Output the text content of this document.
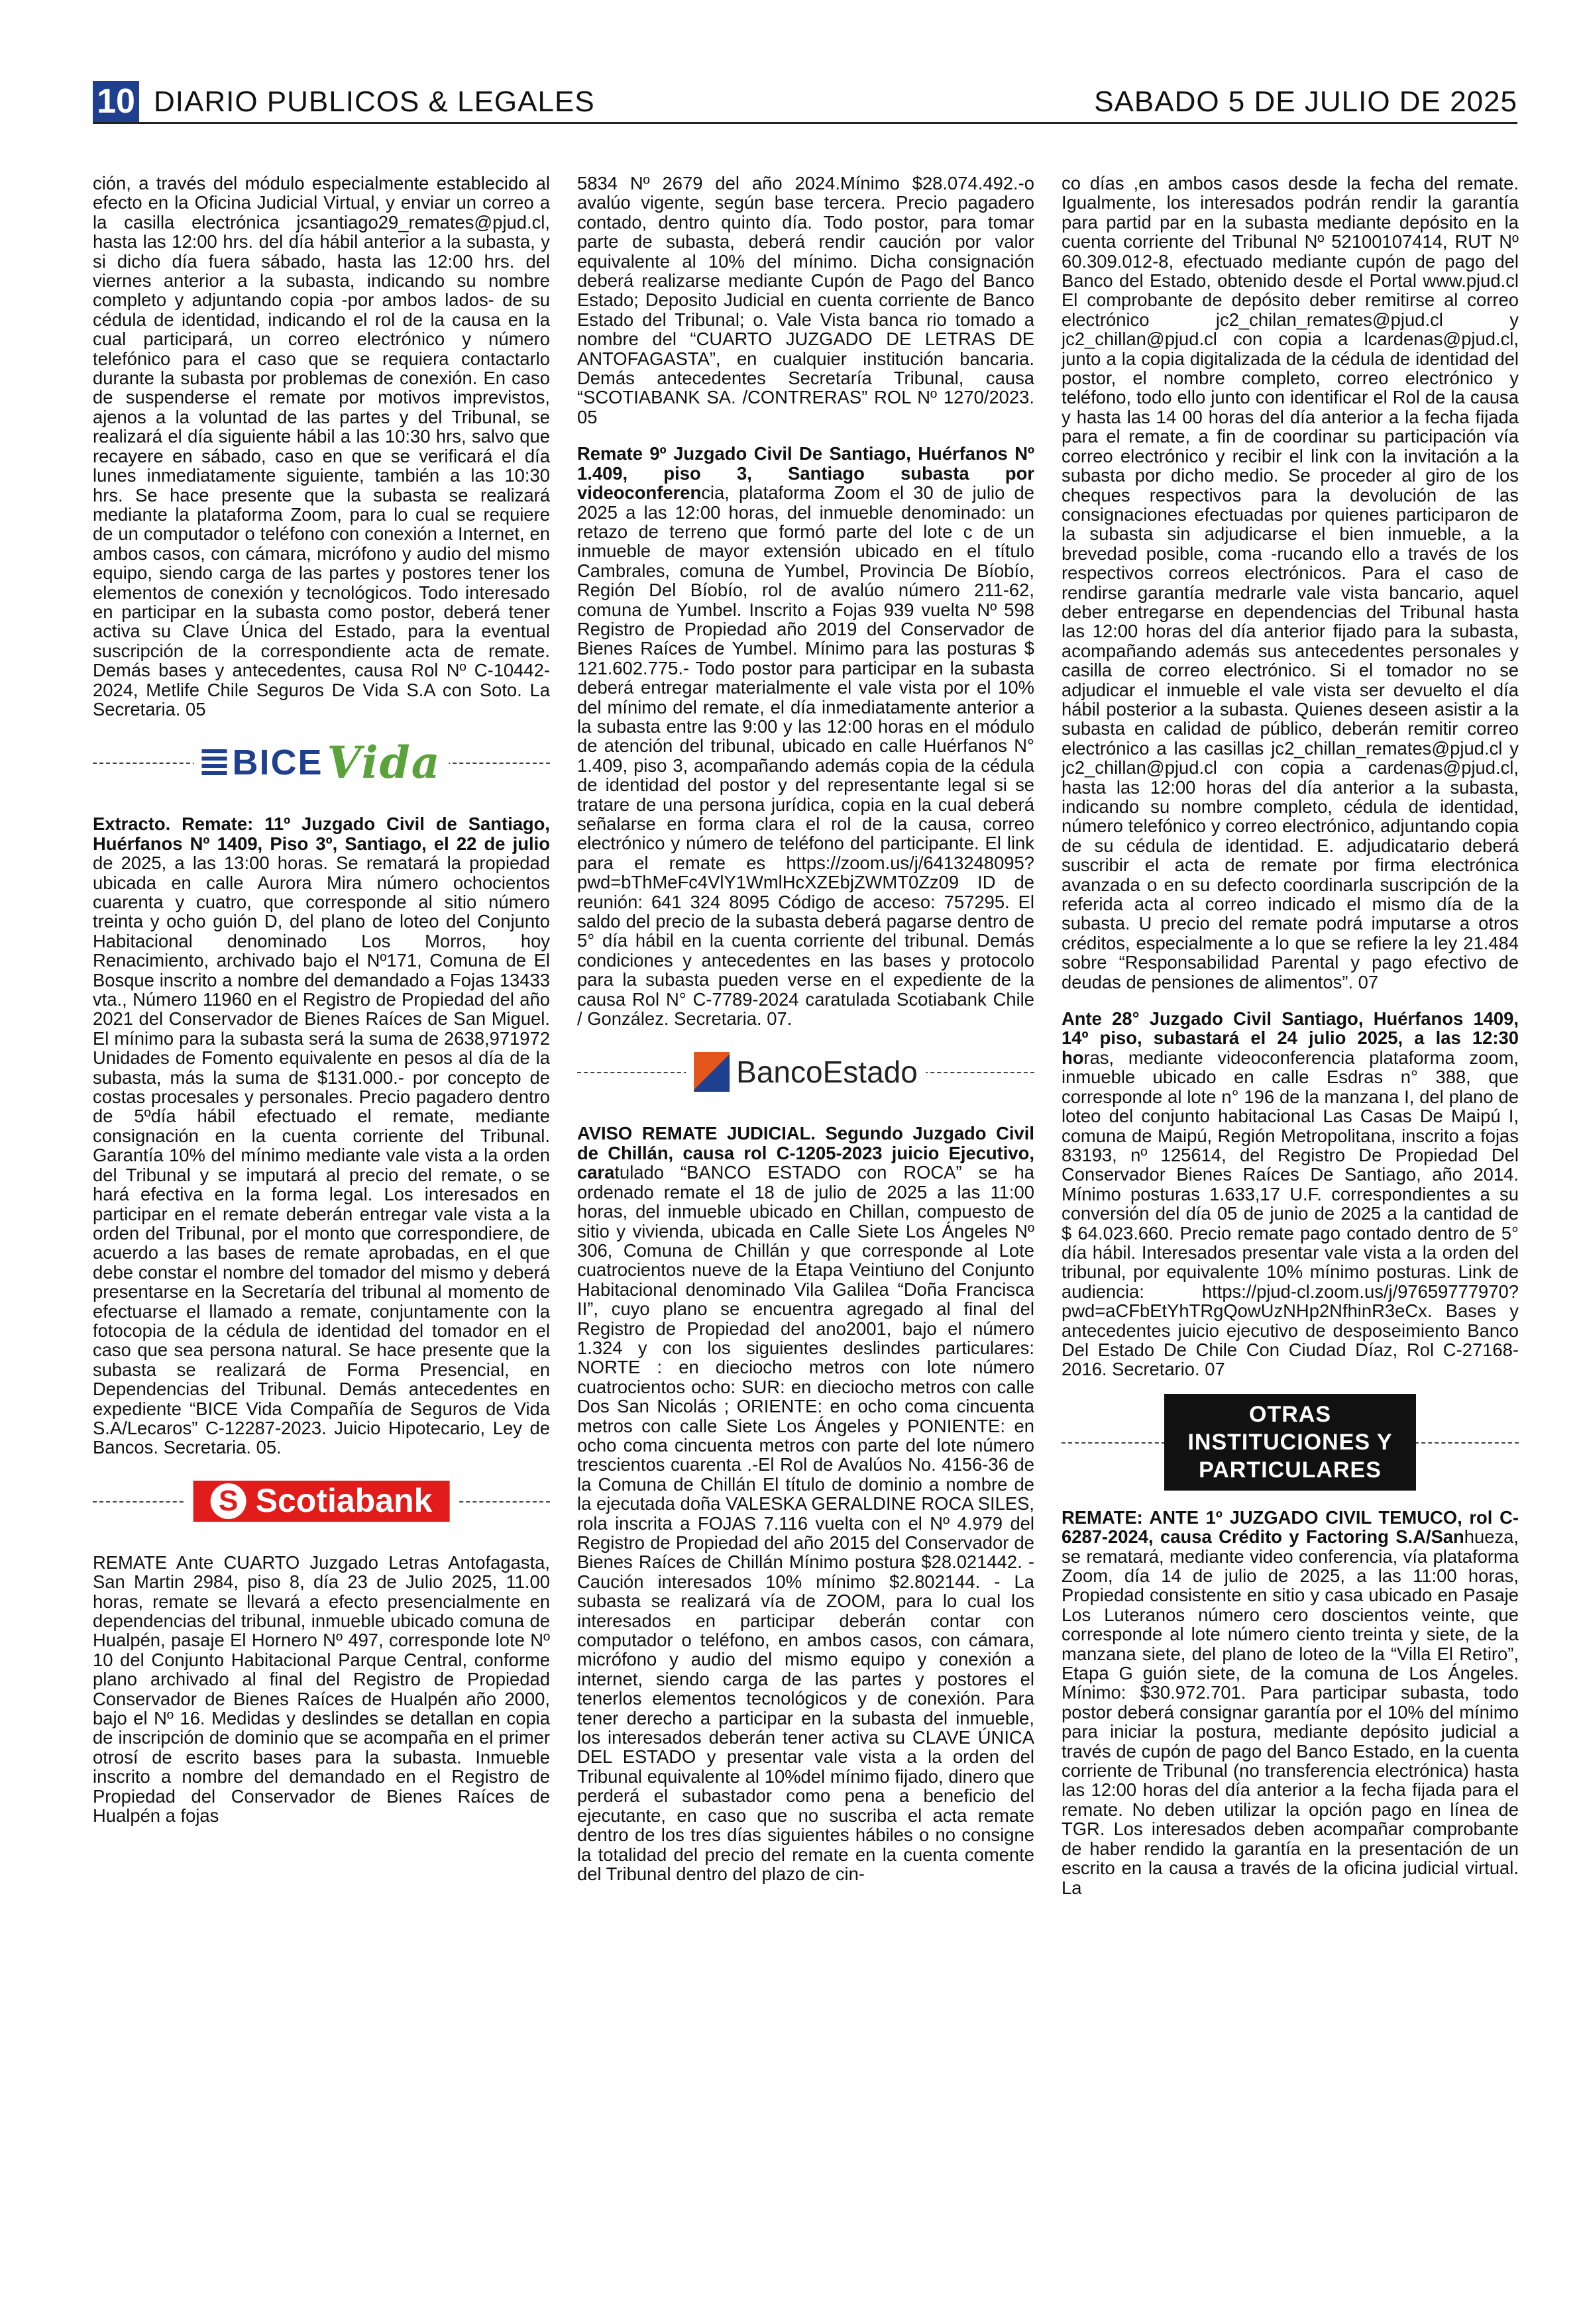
10 DIARIO PUBLICOS & LEGALES	SABADO 5 DE JULIO DE 2025

ción, a través del módulo especialmente establecido al efecto en la Oficina Judicial Virtual, y enviar un correo a la casilla electrónica jcsantiago29_remates@pjud.cl, hasta las 12:00 hrs. del día hábil anterior a la subasta, y si dicho día fuera sábado, hasta las 12:00 hrs. del viernes anterior a la subasta, indicando su nombre completo y adjuntando copia -por ambos lados- de su cédula de identidad, indicando el rol de la causa en la cual participará, un correo electrónico y número telefónico para el caso que se requiera contactarlo durante la subasta por problemas de conexión. En caso de suspenderse el remate por motivos imprevistos, ajenos a la voluntad de las partes y del Tribunal, se realizará el día siguiente hábil a las 10:30 hrs, salvo que recayere en sábado, caso en que se verificará el día lunes inmediatamente siguiente, también a las 10:30 hrs. Se hace presente que la subasta se realizará mediante la plataforma Zoom, para lo cual se requiere de un computador o teléfono con conexión a Internet, en ambos casos, con cámara, micrófono y audio del mismo equipo, siendo carga de las partes y postores tener los elementos de conexión y tecnológicos. Todo interesado en participar en la subasta como postor, deberá tener activa su Clave Única del Estado, para la eventual suscripción de la correspondiente acta de remate. Demás bases y antecedentes, causa Rol Nº C-10442-2024, Metlife Chile Seguros De Vida S.A con Soto. La Secretaria. 05

BICE Vida

Extracto. Remate: 11º Juzgado Civil de Santiago, Huérfanos Nº 1409, Piso 3º, Santiago, el 22 de julio de 2025, a las 13:00 horas. Se rematará la propiedad ubicada en calle Aurora Mira número ochocientos cuarenta y cuatro, que corresponde al sitio número treinta y ocho guión D, del plano de loteo del Conjunto Habitacional denominado Los Morros, hoy Renacimiento, archivado bajo el Nº171, Comuna de El Bosque inscrito a nombre del demandado a Fojas 13433 vta., Número 11960 en el Registro de Propiedad del año 2021 del Conservador de Bienes Raíces de San Miguel. El mínimo para la subasta será la suma de 2638,971972 Unidades de Fomento equivalente en pesos al día de la subasta, más la suma de $131.000.- por concepto de costas procesales y personales. Precio pagadero dentro de 5ºdía hábil efectuado el remate, mediante consignación en la cuenta corriente del Tribunal. Garantía 10% del mínimo mediante vale vista a la orden del Tribunal y se imputará al precio del remate, o se hará efectiva en la forma legal. Los interesados en participar en el remate deberán entregar vale vista a la orden del Tribunal, por el monto que correspondiere, de acuerdo a las bases de remate aprobadas, en el que debe constar el nombre del tomador del mismo y deberá presentarse en la Secretaría del tribunal al momento de efectuarse el llamado a remate, conjuntamente con la fotocopia de la cédula de identidad del tomador en el caso que sea persona natural. Se hace presente que la subasta se realizará de Forma Presencial, en Dependencias del Tribunal. Demás antecedentes en expediente “BICE Vida Compañía de Seguros de Vida S.A/Lecaros” C-12287-2023. Juicio Hipotecario, Ley de Bancos. Secretaria. 05.

S Scotiabank

REMATE Ante CUARTO Juzgado Letras Antofagasta, San Martin 2984, piso 8, día 23 de Julio 2025, 11.00 horas, remate se llevará a efecto presencialmente en dependencias del tribunal, inmueble ubicado comuna de Hualpén, pasaje El Hornero Nº 497, corresponde lote Nº 10 del Conjunto Habitacional Parque Central, conforme plano archivado al final del Registro de Propiedad Conservador de Bienes Raíces de Hualpén año 2000, bajo el Nº 16. Medidas y deslindes se detallan en copia de inscripción de dominio que se acompaña en el primer otrosí de escrito bases para la subasta. Inmueble inscrito a nombre del demandado en el Registro de Propiedad del Conservador de Bienes Raíces de Hualpén a fojas

5834 Nº 2679 del año 2024.Mínimo $28.074.492.-o avalúo vigente, según base tercera. Precio pagadero contado, dentro quinto día. Todo postor, para tomar parte de subasta, deberá rendir caución por valor equivalente al 10% del mínimo. Dicha consignación deberá realizarse mediante Cupón de Pago del Banco Estado; Deposito Judicial en cuenta corriente de Banco Estado del Tribunal; o. Vale Vista banca rio tomado a nombre del “CUARTO JUZGADO DE LETRAS DE ANTOFAGASTA”, en cualquier institución bancaria. Demás antecedentes Secretaría Tribunal, causa “SCOTIABANK SA. /CONTRERAS” ROL Nº 1270/2023. 05

Remate 9º Juzgado Civil De Santiago, Huérfanos Nº 1.409, piso 3, Santiago subasta por videoconferencia, plataforma Zoom el 30 de julio de 2025 a las 12:00 horas, del inmueble denominado: un retazo de terreno que formó parte del lote c de un inmueble de mayor extensión ubicado en el título Cambrales, comuna de Yumbel, Provincia De Bíobío, Región Del Bíobío, rol de avalúo número 211-62, comuna de Yumbel. Inscrito a Fojas 939 vuelta Nº 598 Registro de Propiedad año 2019 del Conservador de Bienes Raíces de Yumbel. Mínimo para las posturas $ 121.602.775.- Todo postor para participar en la subasta deberá entregar materialmente el vale vista por el 10% del mínimo del remate, el día inmediatamente anterior a la subasta entre las 9:00 y las 12:00 horas en el módulo de atención del tribunal, ubicado en calle Huérfanos N° 1.409, piso 3, acompañando además copia de la cédula de identidad del postor y del representante legal si se tratare de una persona jurídica, copia en la cual deberá señalarse en forma clara el rol de la causa, correo electrónico y número de teléfono del participante. El link para el remate es https://zoom.us/j/6413248095?pwd=bThMeFc4VlY1WmlHcXZEbjZWMT0Zz09 ID de reunión: 641 324 8095 Código de acceso: 757295. El saldo del precio de la subasta deberá pagarse dentro de 5° día hábil en la cuenta corriente del tribunal. Demás condiciones y antecedentes en las bases y protocolo para la subasta pueden verse en el expediente de la causa Rol N° C-7789-2024 caratulada Scotiabank Chile / González. Secretaria. 07.

BancoEstado

AVISO REMATE JUDICIAL. Segundo Juzgado Civil de Chillán, causa rol C-1205-2023 juicio Ejecutivo, caratulado “BANCO ESTADO con ROCA” se ha ordenado remate el 18 de julio de 2025 a las 11:00 horas, del inmueble ubicado en Chillan, compuesto de sitio y vivienda, ubicada en Calle Siete Los Ángeles Nº 306, Comuna de Chillán y que corresponde al Lote cuatrocientos nueve de la Etapa Veintiuno del Conjunto Habitacional denominado Vila Galilea “Doña Francisca II”, cuyo plano se encuentra agregado al final del Registro de Propiedad del ano2001, bajo el número 1.324 y con los siguientes deslindes particulares: NORTE : en dieciocho metros con lote número cuatrocientos ocho: SUR: en dieciocho metros con calle Dos San Nicolás ; ORIENTE: en ocho coma cincuenta metros con calle Siete Los Ángeles y PONIENTE: en ocho coma cincuenta metros con parte del lote número trescientos cuarenta .-El Rol de Avalúos No. 4156-36 de la Comuna de Chillán El título de dominio a nombre de la ejecutada doña VALESKA GERALDINE ROCA SILES, rola inscrita a FOJAS 7.116 vuelta con el Nº 4.979 del Registro de Propiedad del año 2015 del Conservador de Bienes Raíces de Chillán Mínimo postura $28.021442. - Caución interesados 10% mínimo $2.802144. - La subasta se realizará vía de ZOOM, para lo cual los interesados en participar deberán contar con computador o teléfono, en ambos casos, con cámara, micrófono y audio del mismo equipo y conexión a internet, siendo carga de las partes y postores el tenerlos elementos tecnológicos y de conexión. Para tener derecho a participar en la subasta del inmueble, los interesados deberán tener activa su CLAVE ÚNICA DEL ESTADO y presentar vale vista a la orden del Tribunal equivalente al 10%del mínimo fijado, dinero que perderá el subastador como pena a beneficio del ejecutante, en caso que no suscriba el acta remate dentro de los tres días siguientes hábiles o no consigne la totalidad del precio del remate en la cuenta comente del Tribunal dentro del plazo de cin-

co días ,en ambos casos desde la fecha del remate. Igualmente, los interesados podrán rendir la garantía para partid par en la subasta mediante depósito en la cuenta corriente del Tribunal Nº 52100107414, RUT Nº 60.309.012-8, efectuado mediante cupón de pago del Banco del Estado, obtenido desde el Portal www.pjud.cl El comprobante de depósito deber remitirse al correo electrónico jc2_chilan_remates@pjud.cl y jc2_chillan@pjud.cl con copia a lcardenas@pjud.cl, junto a la copia digitalizada de la cédula de identidad del postor, el nombre completo, correo electrónico y teléfono, todo ello junto con identificar el Rol de la causa y hasta las 14 00 horas del día anterior a la fecha fijada para el remate, a fin de coordinar su participación vía correo electrónico y recibir el link con la invitación a la subasta por dicho medio. Se proceder al giro de los cheques respectivos para la devolución de las consignaciones efectuadas por quienes participaron de la subasta sin adjudicarse el bien inmueble, a la brevedad posible, coma -rucando ello a través de los respectivos correos electrónicos. Para el caso de rendirse garantía medrarle vale vista bancario, aquel deber entregarse en dependencias del Tribunal hasta las 12:00 horas del día anterior fijado para la subasta, acompañando además sus antecedentes personales y casilla de correo electrónico. Si el tomador no se adjudicar el inmueble el vale vista ser devuelto el día hábil posterior a la subasta. Quienes deseen asistir a la subasta en calidad de público, deberán remitir correo electrónico a las casillas jc2_chillan_remates@pjud.cl y jc2_chillan@pjud.cl con copia a cardenas@pjud.cl, hasta las 12:00 horas del día anterior a la subasta, indicando su nombre completo, cédula de identidad, número telefónico y correo electrónico, adjuntando copia de su cédula de identidad. E. adjudicatario deberá suscribir el acta de remate por firma electrónica avanzada o en su defecto coordinarla suscripción de la referida acta al correo indicado el mismo día de la subasta. U precio del remate podrá imputarse a otros créditos, especialmente a lo que se refiere la ley 21.484 sobre “Responsabilidad Parental y pago efectivo de deudas de pensiones de alimentos”. 07

Ante 28° Juzgado Civil Santiago, Huérfanos 1409, 14º piso, subastará el 24 julio 2025, a las 12:30 horas, mediante videoconferencia plataforma zoom, inmueble ubicado en calle Esdras n° 388, que corresponde al lote n° 196 de la manzana I, del plano de loteo del conjunto habitacional Las Casas De Maipú I, comuna de Maipú, Región Metropolitana, inscrito a fojas 83193, nº 125614, del Registro De Propiedad Del Conservador Bienes Raíces De Santiago, año 2014. Mínimo posturas 1.633,17 U.F. correspondientes a su conversión del día 05 de junio de 2025 a la cantidad de $ 64.023.660. Precio remate pago contado dentro de 5° día hábil. Interesados presentar vale vista a la orden del tribunal, por equivalente 10% mínimo posturas. Link de audiencia: https://pjud-cl.zoom.us/j/97659777970?pwd=aCFbEtYhTRgQowUzNHp2NfhinR3eCx. Bases y antecedentes juicio ejecutivo de desposeimiento Banco Del Estado De Chile Con Ciudad Díaz, Rol C-27168-2016. Secretario. 07

OTRAS INSTITUCIONES Y PARTICULARES

REMATE: ANTE 1º JUZGADO CIVIL TEMUCO, rol C-6287-2024, causa Crédito y Factoring S.A/Sanhueza, se rematará, mediante video conferencia, vía plataforma Zoom, día 14 de julio de 2025, a las 11:00 horas, Propiedad consistente en sitio y casa ubicado en Pasaje Los Luteranos número cero doscientos veinte, que corresponde al lote número ciento treinta y siete, de la manzana siete, del plano de loteo de la “Villa El Retiro”, Etapa G guión siete, de la comuna de Los Ángeles. Mínimo: $30.972.701. Para participar subasta, todo postor deberá consignar garantía por el 10% del mínimo para iniciar la postura, mediante depósito judicial a través de cupón de pago del Banco Estado, en la cuenta corriente de Tribunal (no transferencia electrónica) hasta las 12:00 horas del día anterior a la fecha fijada para el remate. No deben utilizar la opción pago en línea de TGR. Los interesados deben acompañar comprobante de haber rendido la garantía en la presentación de un escrito en la causa a través de la oficina judicial virtual. La
